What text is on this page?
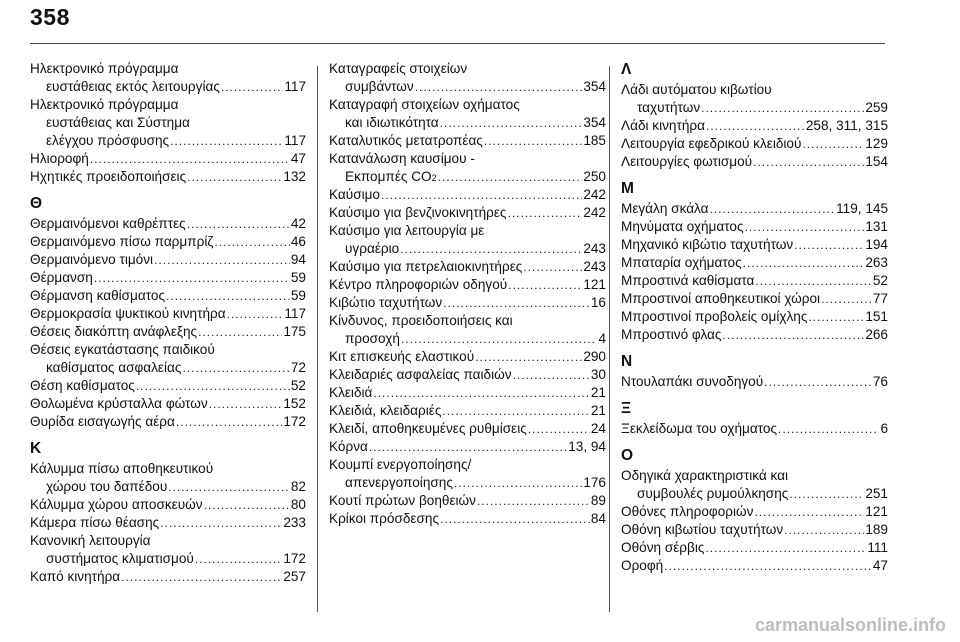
358
Ηλεκτρονικό πρόγραμμα
ευστάθειας εκτός λειτουργίας .....	117
Ηλεκτρονικό πρόγραμμα
ευστάθειας και Σύστημα
ελέγχου πρόσφυσης .....	117
Ηλιοροφή .....	47
Ηχητικές προειδοποιήσεις .....	132
Θ
Θερμαινόμενοι καθρέπτες .....	42
Θερμαινόμενο πίσω παρμπρίζ .....	46
Θερμαινόμενο τιμόνι .....	94
Θέρμανση .....	59
Θέρμανση καθίσματος .....	59
Θερμοκρασία ψυκτικού κινητήρα .....	117
Θέσεις διακόπτη ανάφλεξης .....	175
Θέσεις εγκατάστασης παιδικού
καθίσματος ασφαλείας .....	72
Θέση καθίσματος .....	52
Θολωμένα κρύσταλλα φώτων .....	152
Θυρίδα εισαγωγής αέρα .....	172
Κ
Κάλυμμα πίσω αποθηκευτικού
χώρου του δαπέδου .....	82
Κάλυμμα χώρου αποσκευών .....	80
Κάμερα πίσω θέασης .....	233
Κανονική λειτουργία
συστήματος κλιματισμού .....	172
Καπό κινητήρα .....	257
Καταγραφείς στοιχείων
συμβάντων .....	354
Καταγραφή στοιχείων οχήματος
και ιδιωτικότητα .....	354
Καταλυτικός μετατροπέας .....	185
Κατανάλωση καυσίμου -
Εκπομπές CO 2 .....	250
Καύσιμο .....	242
Καύσιμο για βενζινοκινητήρες .....	242
Καύσιμο για λειτουργία με
υγραέριο .....	243
Καύσιμο για πετρελαιοκινητήρες .....	243
Κέντρο πληροφοριών οδηγού .....	121
Κιβώτιο ταχυτήτων .....	16
Κίνδυνος, προειδοποιήσεις και
προσοχή .....	4
Κιτ επισκευής ελαστικού .....	290
Κλειδαριές ασφαλείας παιδιών .....	30
Κλειδιά .....	21
Κλειδιά, κλειδαριές .....	21
Κλειδί, αποθηκευμένες ρυθμίσεις .....	24
Κόρνα .....	13, 94
Κουμπί ενεργοποίησης/
απενεργοποίησης .....	176
Κουτί πρώτων βοηθειών .....	89
Κρίκοι πρόσδεσης .....	84
Λ
Λάδι αυτόματου κιβωτίου
ταχυτήτων .....	259
Λάδι κινητήρα .....	258, 311, 315
Λειτουργία εφεδρικού κλειδιού .....	129
Λειτουργίες φωτισμού .....	154
Μ
Μεγάλη σκάλα .....	119, 145
Μηνύματα οχήματος .....	131
Μηχανικό κιβώτιο ταχυτήτων .....	194
Μπαταρία οχήματος .....	263
Μπροστινά καθίσματα .....	52
Μπροστινοί αποθηκευτικοί χώροι .....	77
Μπροστινοί προβολείς ομίχλης .....	151
Μπροστινό φλας .....	266
Ν
Ντουλαπάκι συνοδηγού .....	76
Ξ
Ξεκλείδωμα του οχήματος .....	6
Ο
Οδηγικά χαρακτηριστικά και
συμβουλές ρυμούλκησης .....	251
Οθόνες πληροφοριών .....	121
Οθόνη κιβωτίου ταχυτήτων .....	189
Οθόνη σέρβις .....	111
Οροφή .....	47
carmanualsonline.info
